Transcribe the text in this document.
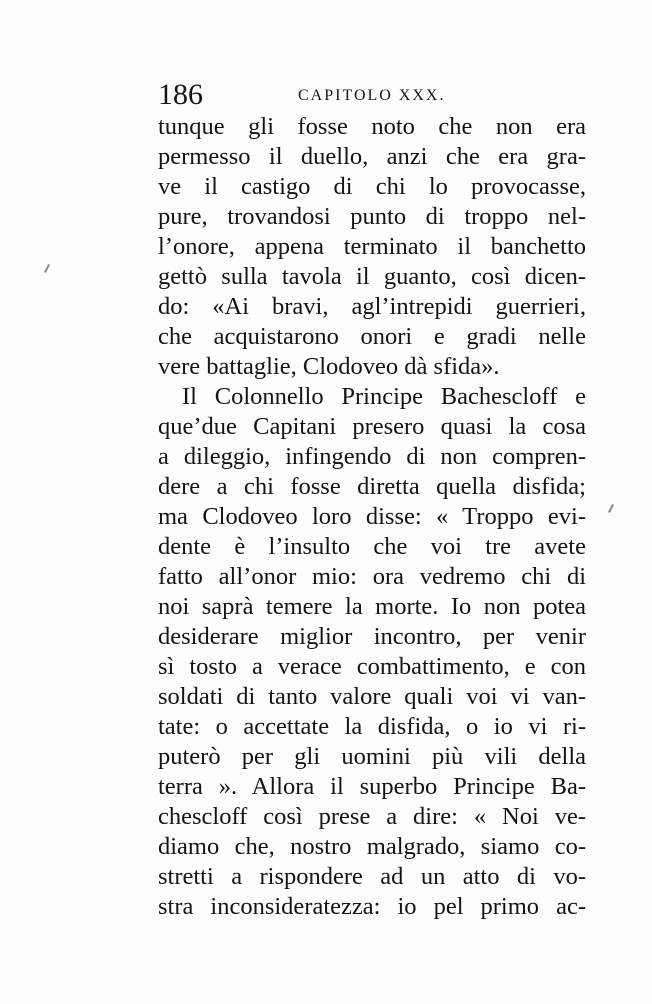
186	CAPITOLO XXX.
tunque gli fosse noto che non era
permesso il duello, anzi che era gra-
ve il castigo di chi lo provocasse,
pure, trovandosi punto di troppo nel-
l’onore, appena terminato il banchetto
gettò sulla tavola il guanto, così dicen-
do: «Ai bravi, agl’intrepidi guerrieri,
che acquistarono onori e gradi nelle
vere battaglie, Clodoveo dà sfida».
Il Colonnello Principe Bachescloff e
que’due Capitani presero quasi la cosa
a dileggio, infingendo di non compren-
dere a chi fosse diretta quella disfida;
ma Clodoveo loro disse: « Troppo evi-
dente è l’insulto che voi tre avete
fatto all’onor mio: ora vedremo chi di
noi saprà temere la morte. Io non potea
desiderare miglior incontro, per venir
sì tosto a verace combattimento, e con
soldati di tanto valore quali voi vi van-
tate: o accettate la disfida, o io vi ri-
puterò per gli uomini più vili della
terra ». Allora il superbo Principe Ba-
chescloff così prese a dire: « Noi ve-
diamo che, nostro malgrado, siamo co-
stretti a rispondere ad un atto di vo-
stra inconsideratezza: io pel primo ac-
